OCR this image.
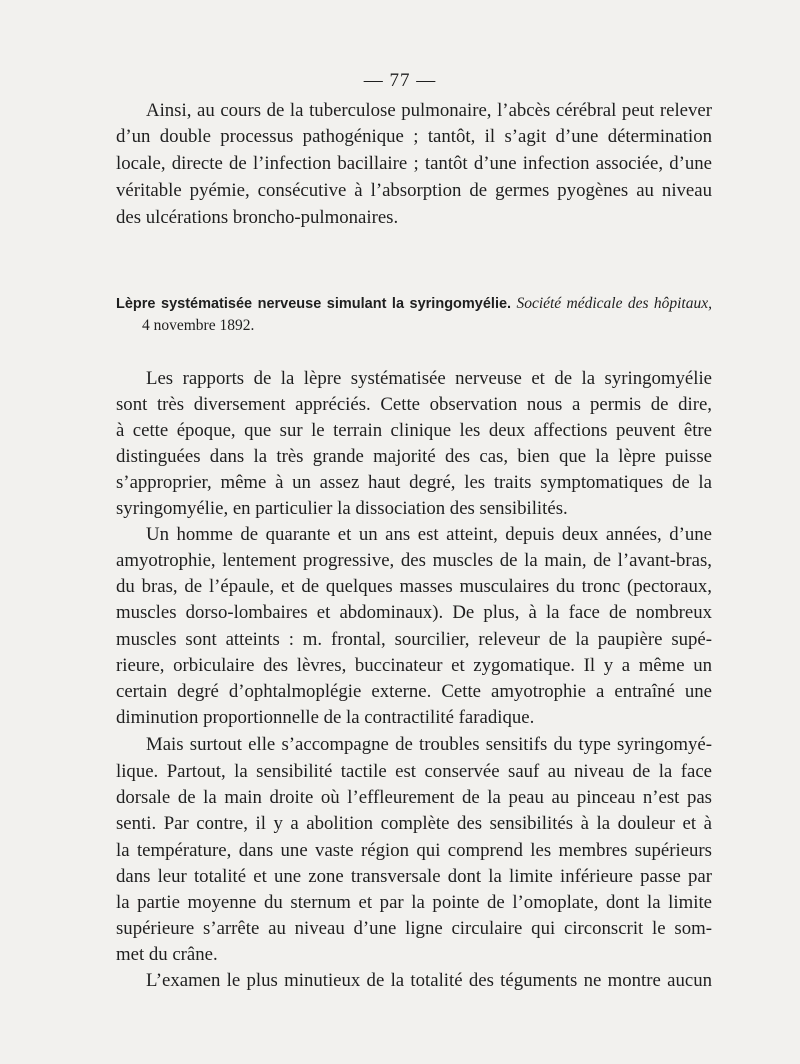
— 77 —
Ainsi, au cours de la tuberculose pulmonaire, l’abcès cérébral peut relever
d’un double processus pathogénique ; tantôt, il s’agit d’une détermination
locale, directe de l’infection bacillaire ; tantôt d’une infection associée, d’une
véritable pyémie, consécutive à l’absorption de germes pyogènes au niveau
des ulcérations broncho-pulmonaires.
Lèpre systématisée nerveuse simulant la syringomyélie. Société médicale des hôpitaux,
4 novembre 1892.
Les rapports de la lèpre systématisée nerveuse et de la syringomyélie
sont très diversement appréciés. Cette observation nous a permis de dire,
à cette époque, que sur le terrain clinique les deux affections peuvent être
distinguées dans la très grande majorité des cas, bien que la lèpre puisse
s’approprier, même à un assez haut degré, les traits symptomatiques de la
syringomyélie, en particulier la dissociation des sensibilités.
Un homme de quarante et un ans est atteint, depuis deux années, d’une
amyotrophie, lentement progressive, des muscles de la main, de l’avant-bras,
du bras, de l’épaule, et de quelques masses musculaires du tronc (pectoraux,
muscles dorso-lombaires et abdominaux). De plus, à la face de nombreux
muscles sont atteints : m. frontal, sourcilier, releveur de la paupière supé-
rieure, orbiculaire des lèvres, buccinateur et zygomatique. Il y a même un
certain degré d’ophtalmoplégie externe. Cette amyotrophie a entraîné une
diminution proportionnelle de la contractilité faradique.
Mais surtout elle s’accompagne de troubles sensitifs du type syringomyé-
lique. Partout, la sensibilité tactile est conservée sauf au niveau de la face
dorsale de la main droite où l’effleurement de la peau au pinceau n’est pas
senti. Par contre, il y a abolition complète des sensibilités à la douleur et à
la température, dans une vaste région qui comprend les membres supérieurs
dans leur totalité et une zone transversale dont la limite inférieure passe par
la partie moyenne du sternum et par la pointe de l’omoplate, dont la limite
supérieure s’arrête au niveau d’une ligne circulaire qui circonscrit le som-
met du crâne.
L’examen le plus minutieux de la totalité des téguments ne montre aucun
